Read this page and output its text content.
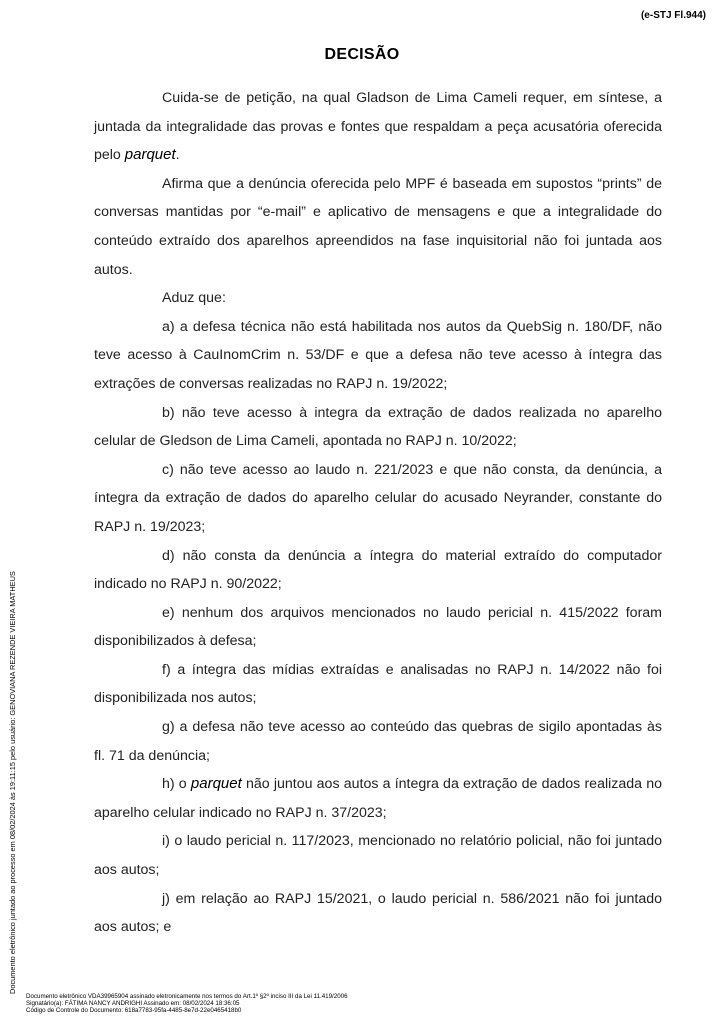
(e-STJ Fl.944)
DECISÃO

Cuida-se de petição, na qual Gladson de Lima Cameli requer, em síntese, a juntada da integralidade das provas e fontes que respaldam a peça acusatória oferecida pelo parquet.

Afirma que a denúncia oferecida pelo MPF é baseada em supostos “prints” de conversas mantidas por “e-mail” e aplicativo de mensagens e que a integralidade do conteúdo extraído dos aparelhos apreendidos na fase inquisitorial não foi juntada aos autos.

Aduz que:

a) a defesa técnica não está habilitada nos autos da QuebSig n. 180/DF, não teve acesso à CauInomCrim n. 53/DF e que a defesa não teve acesso à íntegra das extrações de conversas realizadas no RAPJ n. 19/2022;

b) não teve acesso à integra da extração de dados realizada no aparelho celular de Gledson de Lima Cameli, apontada no RAPJ n. 10/2022;

c) não teve acesso ao laudo n. 221/2023 e que não consta, da denúncia, a íntegra da extração de dados do aparelho celular do acusado Neyrander, constante do RAPJ n. 19/2023;

d) não consta da denúncia a íntegra do material extraído do computador indicado no RAPJ n. 90/2022;

e) nenhum dos arquivos mencionados no laudo pericial n. 415/2022 foram disponibilizados à defesa;

f) a íntegra das mídias extraídas e analisadas no RAPJ n. 14/2022 não foi disponibilizada nos autos;

g) a defesa não teve acesso ao conteúdo das quebras de sigilo apontadas às fl. 71 da denúncia;

h) o parquet não juntou aos autos a íntegra da extração de dados realizada no aparelho celular indicado no RAPJ n. 37/2023;

i) o laudo pericial n. 117/2023, mencionado no relatório policial, não foi juntado aos autos;

j) em relação ao RAPJ 15/2021, o laudo pericial n. 586/2021 não foi juntado aos autos; e

Documento eletrônico juntado ao processo em 08/02/2024 às 19:11:15 pelo usuário: GENOVIANA REZENDE VIEIRA MATHEUS
Documento eletrônico VDA39965904 assinado eletronicamente nos termos do Art.1º §2º inciso III da Lei 11.419/2006
Signatário(a): FÁTIMA NANCY ANDRIGHI Assinado em: 08/02/2024 18:36:05
Código de Controle do Documento: 618a7783-95fa-4485-8e7d-22e0465418b0
